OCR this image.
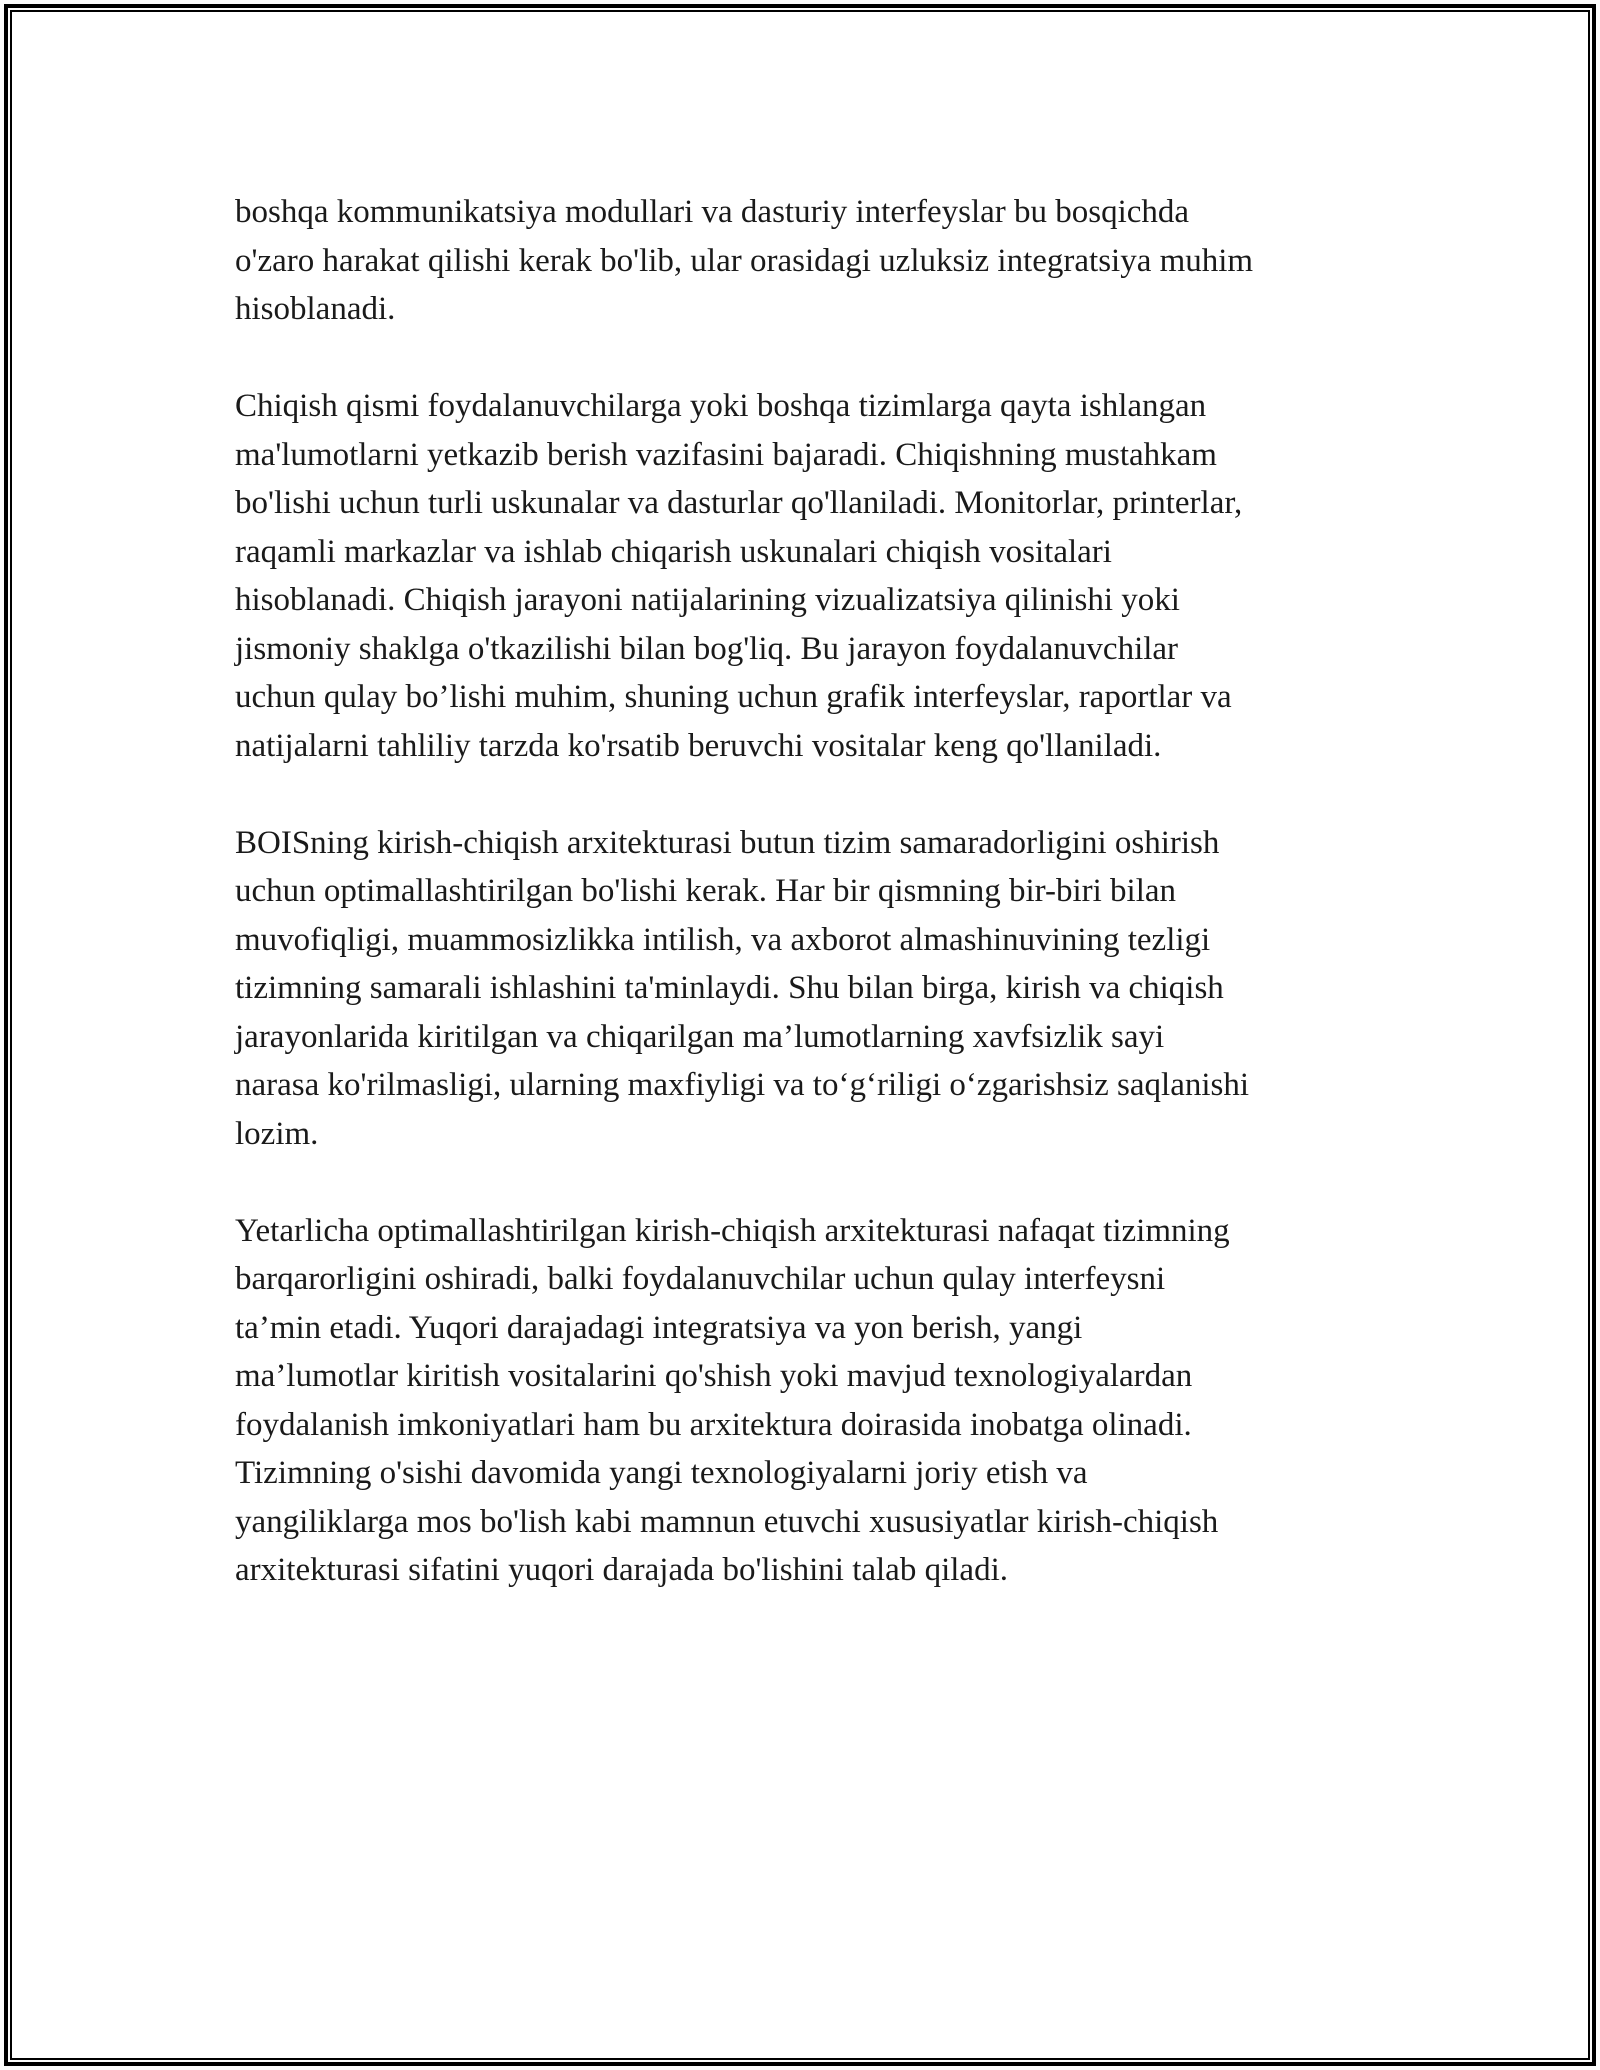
boshqa kommunikatsiya modullari va dasturiy interfeyslar bu bosqichda
o'zaro harakat qilishi kerak bo'lib, ular orasidagi uzluksiz integratsiya muhim
hisoblanadi.

Chiqish qismi foydalanuvchilarga yoki boshqa tizimlarga qayta ishlangan
ma'lumotlarni yetkazib berish vazifasini bajaradi. Chiqishning mustahkam
bo'lishi uchun turli uskunalar va dasturlar qo'llaniladi. Monitorlar, printerlar,
raqamli markazlar va ishlab chiqarish uskunalari chiqish vositalari
hisoblanadi. Chiqish jarayoni natijalarining vizualizatsiya qilinishi yoki
jismoniy shaklga o'tkazilishi bilan bog'liq. Bu jarayon foydalanuvchilar
uchun qulay bo’lishi muhim, shuning uchun grafik interfeyslar, raportlar va
natijalarni tahliliy tarzda ko'rsatib beruvchi vositalar keng qo'llaniladi.

BOISning kirish-chiqish arxitekturasi butun tizim samaradorligini oshirish
uchun optimallashtirilgan bo'lishi kerak. Har bir qismning bir-biri bilan
muvofiqligi, muammosizlikka intilish, va axborot almashinuvining tezligi
tizimning samarali ishlashini ta'minlaydi. Shu bilan birga, kirish va chiqish
jarayonlarida kiritilgan va chiqarilgan ma’lumotlarning xavfsizlik sayi
narasa ko'rilmasligi, ularning maxfiyligi va to‘g‘riligi o‘zgarishsiz saqlanishi
lozim.

Yetarlicha optimallashtirilgan kirish-chiqish arxitekturasi nafaqat tizimning
barqarorligini oshiradi, balki foydalanuvchilar uchun qulay interfeysni
ta’min etadi. Yuqori darajadagi integratsiya va yon berish, yangi
ma’lumotlar kiritish vositalarini qo'shish yoki mavjud texnologiyalardan
foydalanish imkoniyatlari ham bu arxitektura doirasida inobatga olinadi.
Tizimning o'sishi davomida yangi texnologiyalarni joriy etish va
yangiliklarga mos bo'lish kabi mamnun etuvchi xususiyatlar kirish-chiqish
arxitekturasi sifatini yuqori darajada bo'lishini talab qiladi.
